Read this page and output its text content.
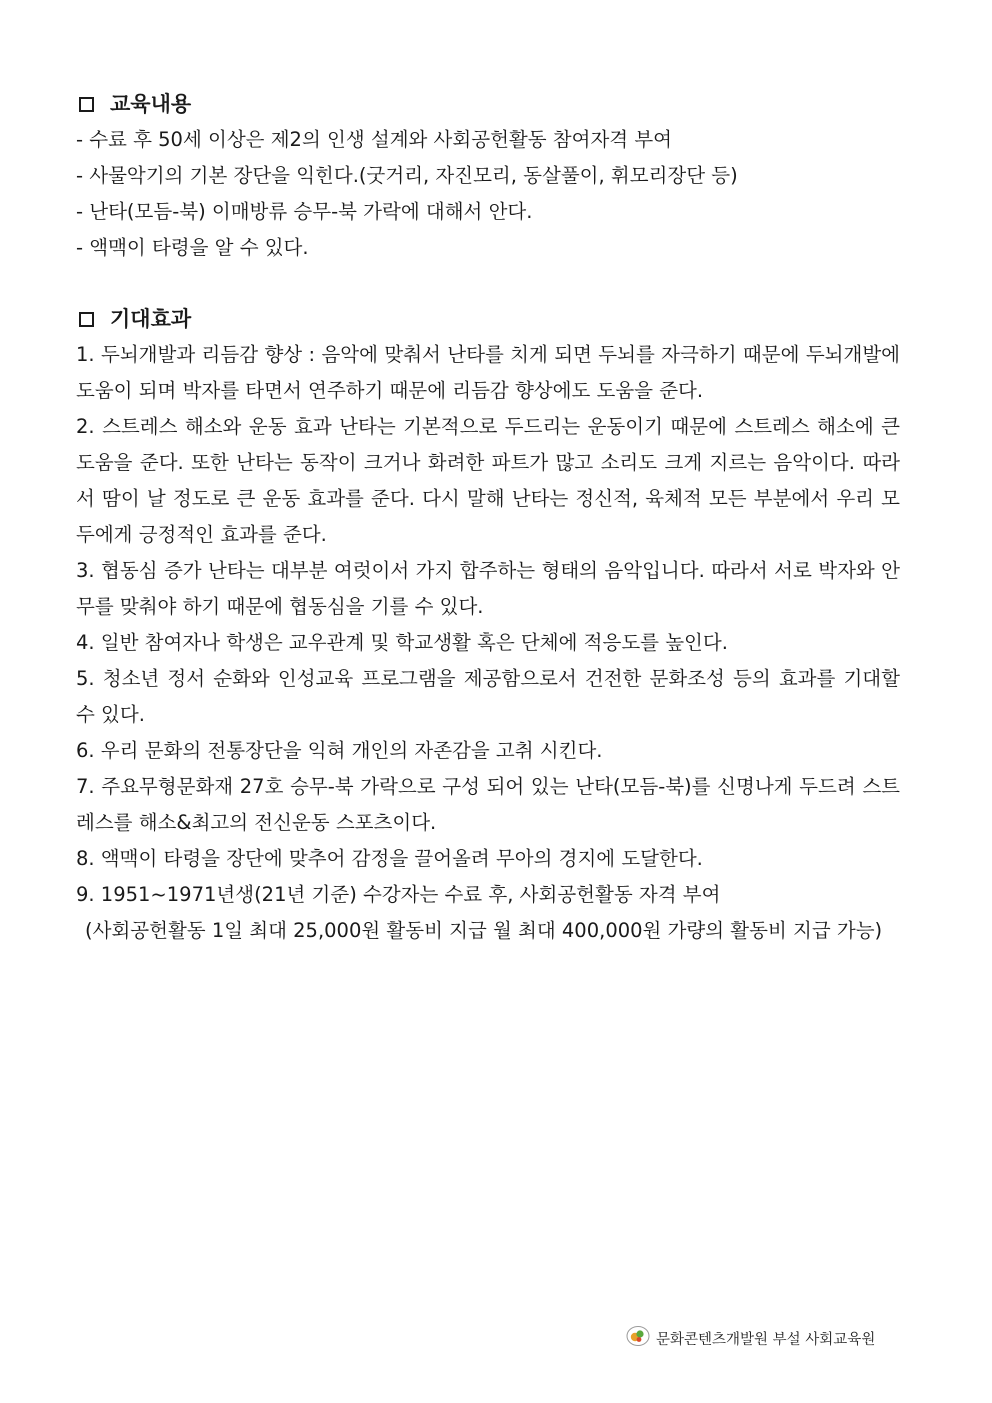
교육내용

- 수료 후 50세 이상은 제2의 인생 설계와 사회공헌활동 참여자격 부여

- 사물악기의 기본 장단을 익힌다.(굿거리, 자진모리, 동살풀이, 휘모리장단 등)

- 난타(모듬-북) 이매방류 승무-북 가락에 대해서 안다.

- 액맥이 타령을 알 수 있다.

기대효과

1. 두뇌개발과 리듬감 향상 : 음악에 맞춰서 난타를 치게 되면 두뇌를 자극하기 때문에 두뇌개발에 도움이 되며 박자를 타면서 연주하기 때문에 리듬감 향상에도 도움을 준다.

2. 스트레스 해소와 운동 효과 난타는 기본적으로 두드리는 운동이기 때문에 스트레스 해소에 큰 도움을 준다. 또한 난타는 동작이 크거나 화려한 파트가 많고 소리도 크게 지르는 음악이다. 따라서 땀이 날 정도로 큰 운동 효과를 준다. 다시 말해 난타는 정신적, 육체적 모든 부분에서 우리 모두에게 긍정적인 효과를 준다.

3. 협동심 증가 난타는 대부분 여럿이서 가지 합주하는 형태의 음악입니다. 따라서 서로 박자와 안무를 맞춰야 하기 때문에 협동심을 기를 수 있다.

4. 일반 참여자나 학생은 교우관계 및 학교생활 혹은 단체에 적응도를 높인다.

5. 청소년 정서 순화와 인성교육 프로그램을 제공함으로서 건전한 문화조성 등의 효과를 기대할 수 있다.

6. 우리 문화의 전통장단을 익혀 개인의 자존감을 고취 시킨다.

7. 주요무형문화재 27호 승무-북 가락으로 구성 되어 있는 난타(모듬-북)를 신명나게 두드려 스트레스를 해소&최고의 전신운동 스포츠이다.

8. 액맥이 타령을 장단에 맞추어 감정을 끌어올려 무아의 경지에 도달한다.

9. 1951~1971년생(21년 기준) 수강자는 수료 후, 사회공헌활동 자격 부여

(사회공헌활동 1일 최대 25,000원 활동비 지급 월 최대 400,000원 가량의 활동비 지급 가능)

문화콘텐츠개발원 부설 사회교육원
